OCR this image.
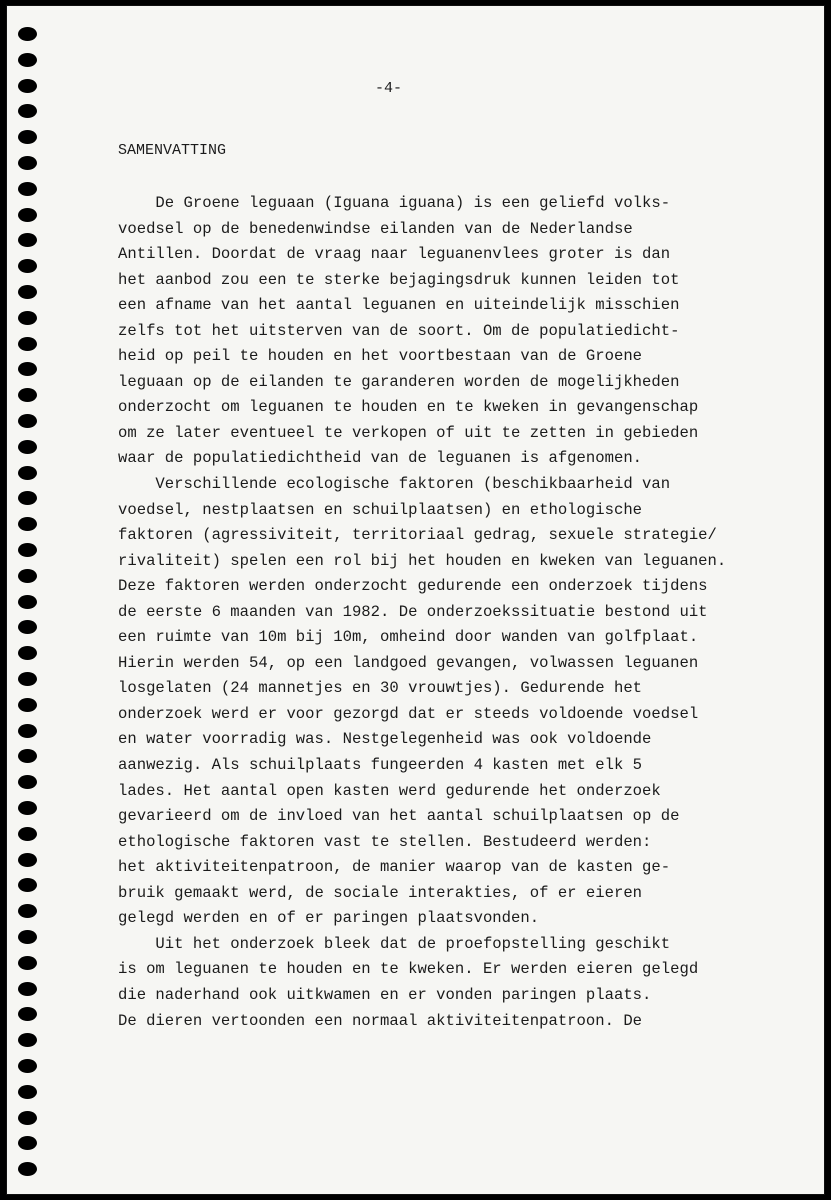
-4-
SAMENVATTING
De Groene leguaan (Iguana iguana) is een geliefd volks-
voedsel op de benedenwindse eilanden van de Nederlandse
Antillen. Doordat de vraag naar leguanenvlees groter is dan
het aanbod zou een te sterke bejagingsdruk kunnen leiden tot
een afname van het aantal leguanen en uiteindelijk misschien
zelfs tot het uitsterven van de soort. Om de populatiedicht-
heid op peil te houden en het voortbestaan van de Groene
leguaan op de eilanden te garanderen worden de mogelijkheden
onderzocht om leguanen te houden en te kweken in gevangenschap
om ze later eventueel te verkopen of uit te zetten in gebieden
waar de populatiedichtheid van de leguanen is afgenomen.
Verschillende ecologische faktoren (beschikbaarheid van
voedsel, nestplaatsen en schuilplaatsen) en ethologische
faktoren (agressiviteit, territoriaal gedrag, sexuele strategie/
rivaliteit) spelen een rol bij het houden en kweken van leguanen.
Deze faktoren werden onderzocht gedurende een onderzoek tijdens
de eerste 6 maanden van 1982. De onderzoekssituatie bestond uit
een ruimte van 10m bij 10m, omheind door wanden van golfplaat.
Hierin werden 54, op een landgoed gevangen, volwassen leguanen
losgelaten (24 mannetjes en 30 vrouwtjes). Gedurende het
onderzoek werd er voor gezorgd dat er steeds voldoende voedsel
en water voorradig was. Nestgelegenheid was ook voldoende
aanwezig. Als schuilplaats fungeerden 4 kasten met elk 5
lades. Het aantal open kasten werd gedurende het onderzoek
gevarieerd om de invloed van het aantal schuilplaatsen op de
ethologische faktoren vast te stellen. Bestudeerd werden:
het aktiviteitenpatroon, de manier waarop van de kasten ge-
bruik gemaakt werd, de sociale interakties, of er eieren
gelegd werden en of er paringen plaatsvonden.
Uit het onderzoek bleek dat de proefopstelling geschikt
is om leguanen te houden en te kweken. Er werden eieren gelegd
die naderhand ook uitkwamen en er vonden paringen plaats.
De dieren vertoonden een normaal aktiviteitenpatroon. De
